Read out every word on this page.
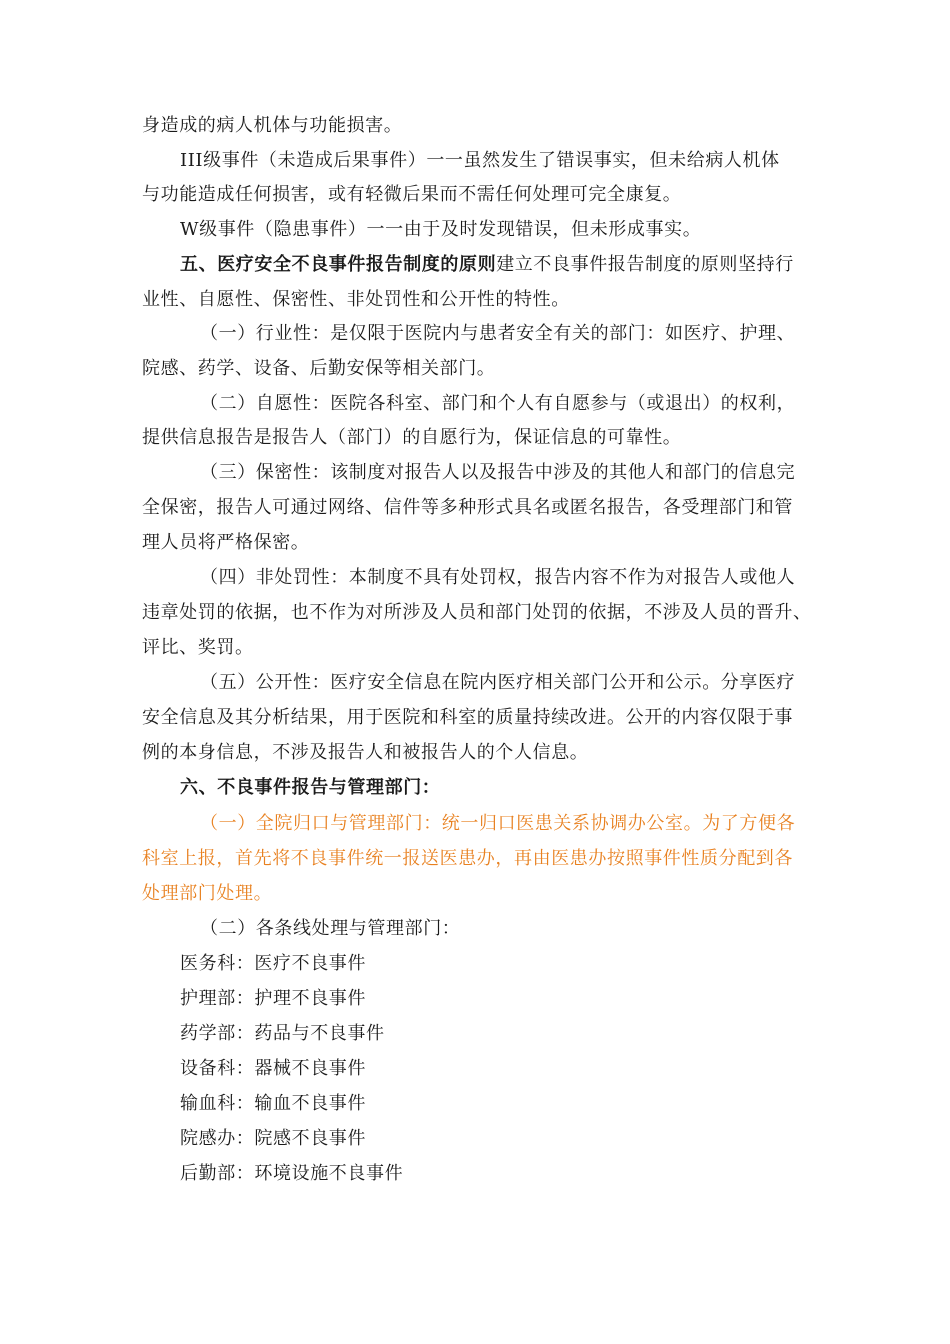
身造成的病人机体与功能损害。
III级事件（未造成后果事件）一一虽然发生了错误事实，但未给病人机体
与功能造成任何损害，或有轻微后果而不需任何处理可完全康复。
W级事件（隐患事件）一一由于及时发现错误，但未形成事实。
五、医疗安全不良事件报告制度的原则建立不良事件报告制度的原则坚持行
业性、自愿性、保密性、非处罚性和公开性的特性。
（一）行业性：是仅限于医院内与患者安全有关的部门：如医疗、护理、
院感、药学、设备、后勤安保等相关部门。
（二）自愿性：医院各科室、部门和个人有自愿参与（或退出）的权利，
提供信息报告是报告人（部门）的自愿行为，保证信息的可靠性。
（三）保密性：该制度对报告人以及报告中涉及的其他人和部门的信息完
全保密，报告人可通过网络、信件等多种形式具名或匿名报告，各受理部门和管
理人员将严格保密。
（四）非处罚性：本制度不具有处罚权，报告内容不作为对报告人或他人
违章处罚的依据，也不作为对所涉及人员和部门处罚的依据，不涉及人员的晋升、
评比、奖罚。
（五）公开性：医疗安全信息在院内医疗相关部门公开和公示。分享医疗
安全信息及其分析结果，用于医院和科室的质量持续改进。公开的内容仅限于事
例的本身信息，不涉及报告人和被报告人的个人信息。
六、不良事件报告与管理部门：
（一）全院归口与管理部门：统一归口医患关系协调办公室。为了方便各
科室上报，首先将不良事件统一报送医患办，再由医患办按照事件性质分配到各
处理部门处理。
（二）各条线处理与管理部门：
医务科：医疗不良事件
护理部：护理不良事件
药学部：药品与不良事件
设备科：器械不良事件
输血科：输血不良事件
院感办：院感不良事件
后勤部：环境设施不良事件
